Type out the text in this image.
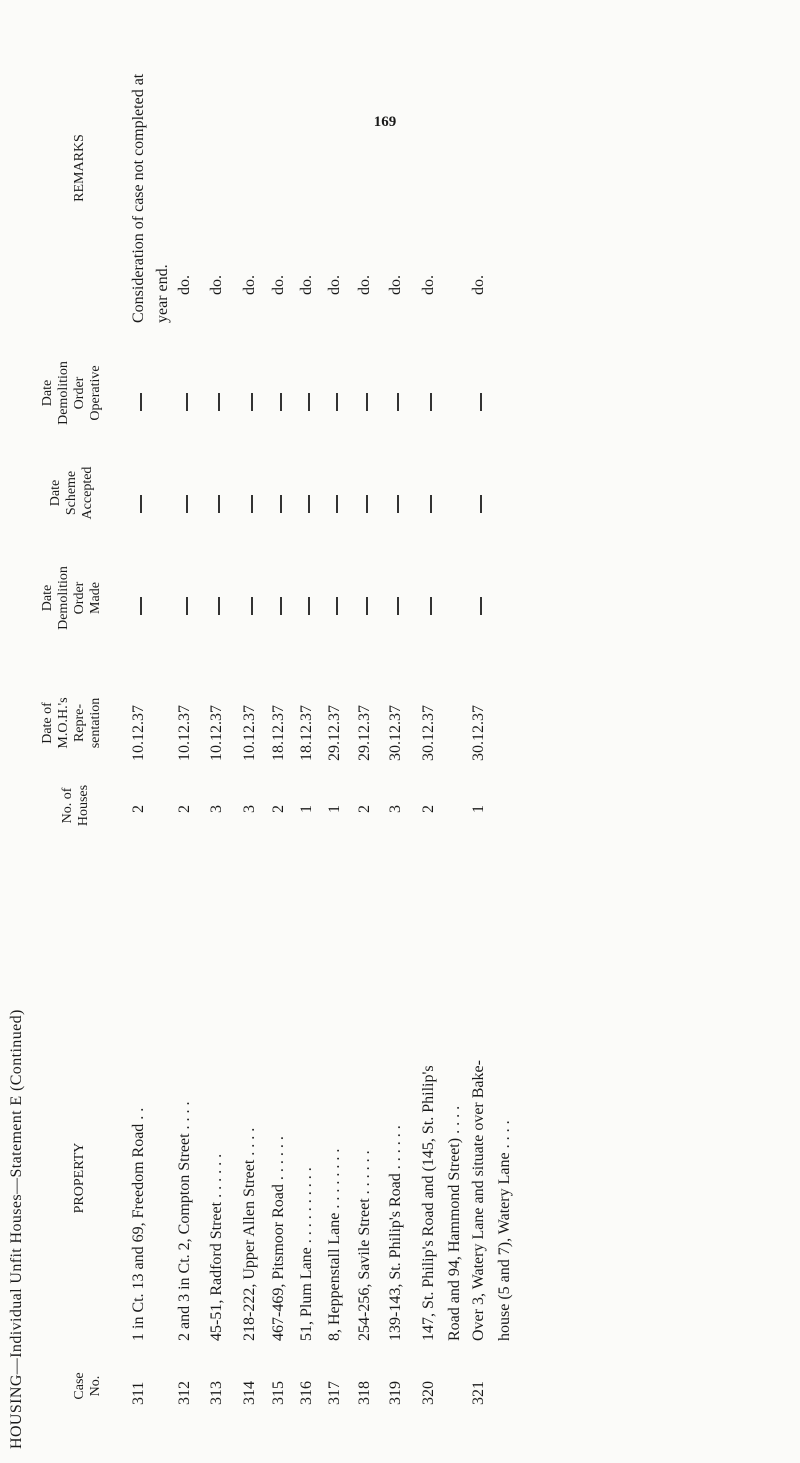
169
HOUSING—Individual Unfit Houses—Statement E (Continued)	Case No.
PROPERTY
No. of Houses
Date of M.O.H.'s Repre- sentation
Date Demolition Order Made
Date Scheme Accepted
Date Demolition Order Operative
REMARKS
311
1 in Ct. 13 and 69, Freedom Road . .
2
10.12.37
Consideration of case not completed at year end.
312
2 and 3 in Ct. 2, Compton Street . . . .
2
10.12.37
do.
313
45-51, Radford Street . . . . . .
3
10.12.37
do.
314
218-222, Upper Allen Street . . . .
3
10.12.37
do.
315
467-469, Pitsmoor Road . . . . . .
2
18.12.37
do.
316
51, Plum Lane . . . . . . . . . .
1
18.12.37
do.
317
8, Heppenstall Lane . . . . . . . .
1
29.12.37
do.
318
254-256, Savile Street . . . . . .
2
29.12.37
do.
319
139-143, St. Philip's Road . . . . . .
3
30.12.37
do.
320
147, St. Philip's Road and (145, St. Philip's Road and 94, Hammond Street) . . . .
2
30.12.37
do.
321
Over 3, Watery Lane and situate over Bake- house (5 and 7), Watery Lane . . . .
1
30.12.37
do.
